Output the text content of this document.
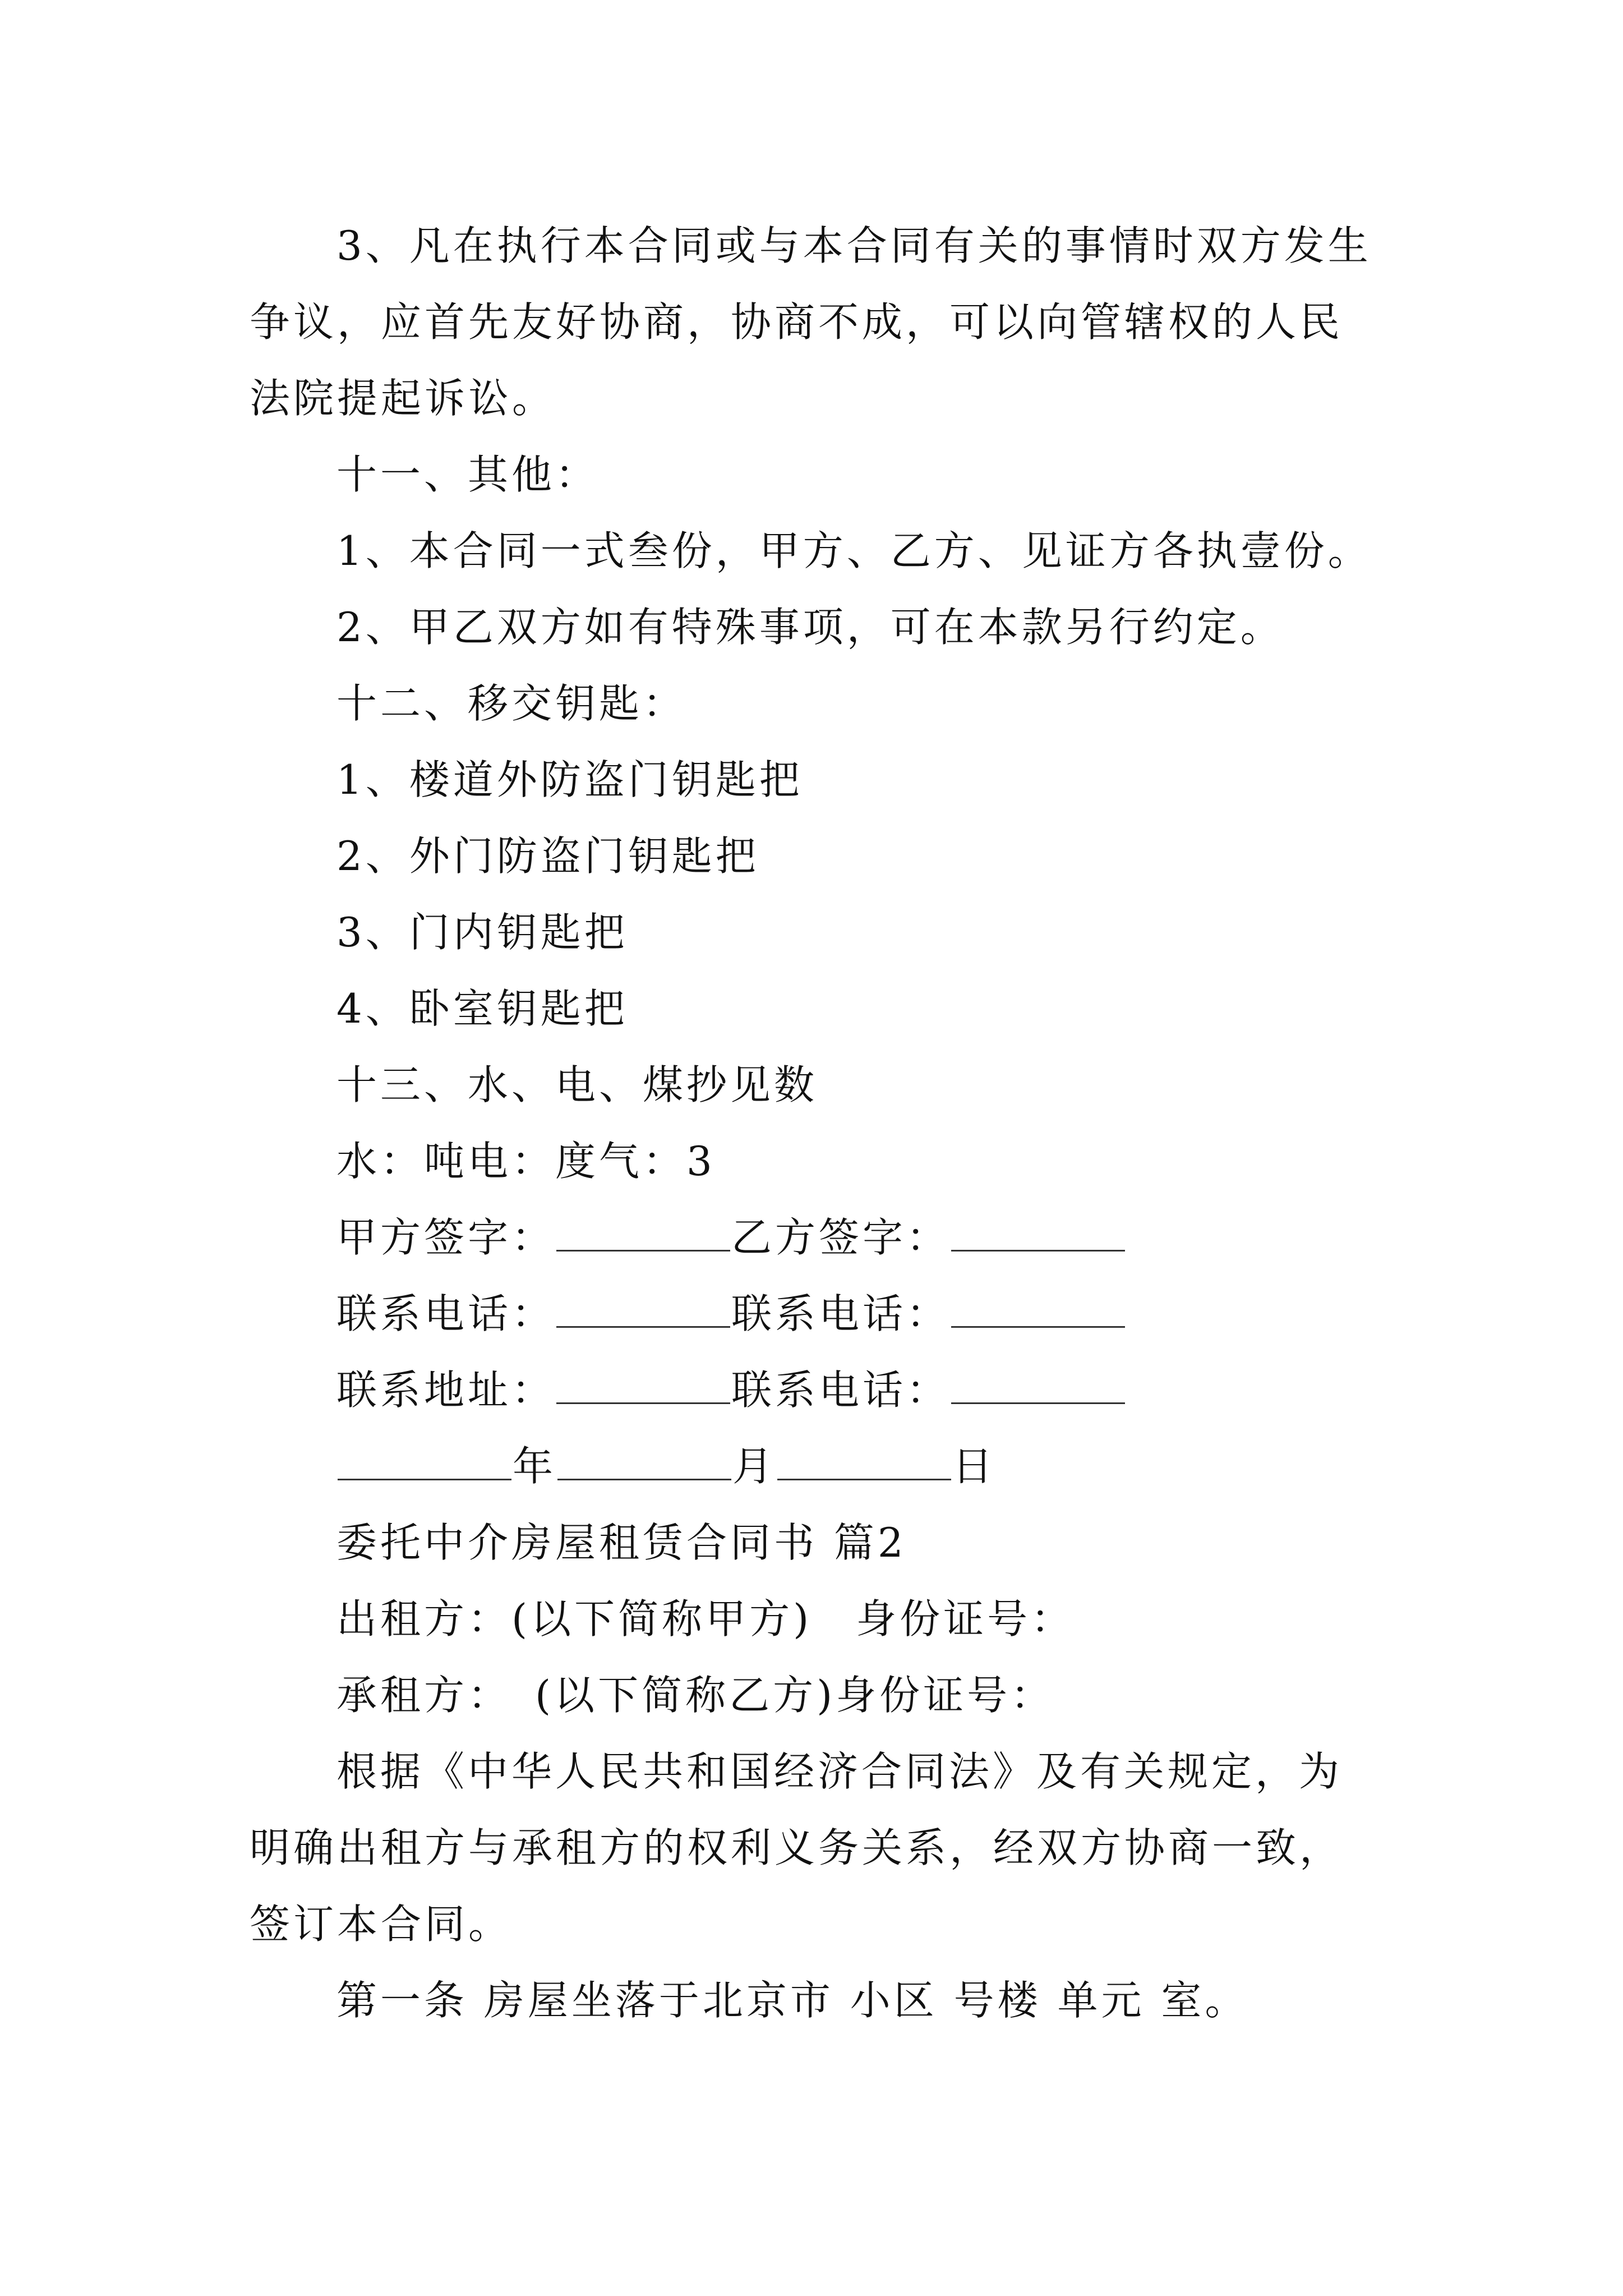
3、凡在执行本合同或与本合同有关的事情时双方发生争议，应首先友好协商，协商不成，可以向管辖权的人民法院提起诉讼。

十一、其他：
1、本合同一式叁份，甲方、乙方、见证方各执壹份。
2、甲乙双方如有特殊事项，可在本款另行约定。
十二、移交钥匙：
1、楼道外防盗门钥匙把
2、外门防盗门钥匙把
3、门内钥匙把
4、卧室钥匙把
十三、水、电、煤抄见数
水：吨电：度气：3
甲方签字：	乙方签字：
联系电话：	联系电话：
联系地址：	联系电话：
年	月	日
委托中介房屋租赁合同书 篇2
出租方：(以下简称甲方)　身份证号：
承租方：　(以下简称乙方)身份证号：

根据《中华人民共和国经济合同法》及有关规定，为明确出租方与承租方的权利义务关系，经双方协商一致，签订本合同。

第一条 房屋坐落于北京市 小区 号楼 单元 室。
